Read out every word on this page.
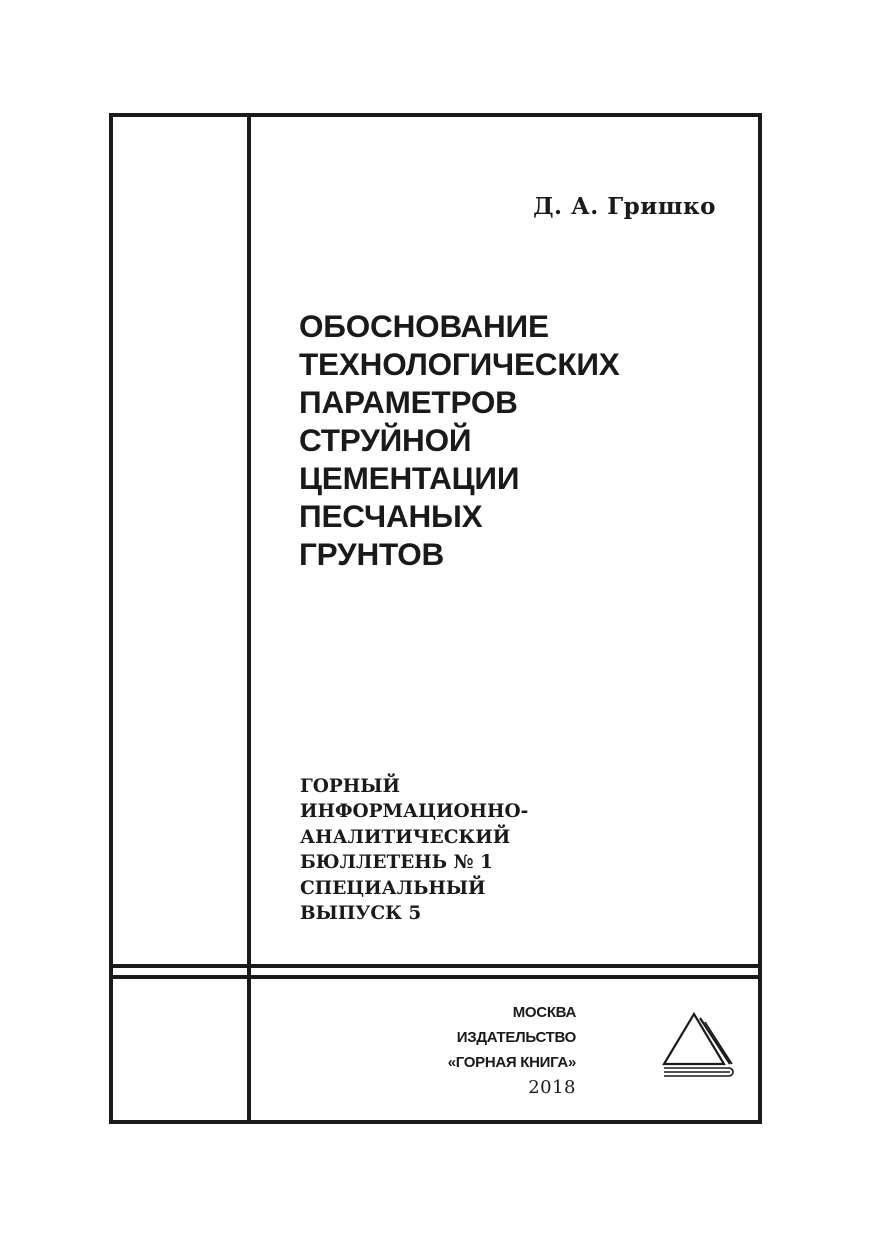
Д. А. Гришко
ОБОСНОВАНИЕ
ТЕХНОЛОГИЧЕСКИХ
ПАРАМЕТРОВ
СТРУЙНОЙ
ЦЕМЕНТАЦИИ
ПЕСЧАНЫХ
ГРУНТОВ
ГОРНЫЙ
ИНФОРМАЦИОННО-
АНАЛИТИЧЕСКИЙ
БЮЛЛЕТЕНЬ № 1
СПЕЦИАЛЬНЫЙ
ВЫПУСК 5
МОСКВА
ИЗДАТЕЛЬСТВО
«ГОРНАЯ КНИГА»
2018
